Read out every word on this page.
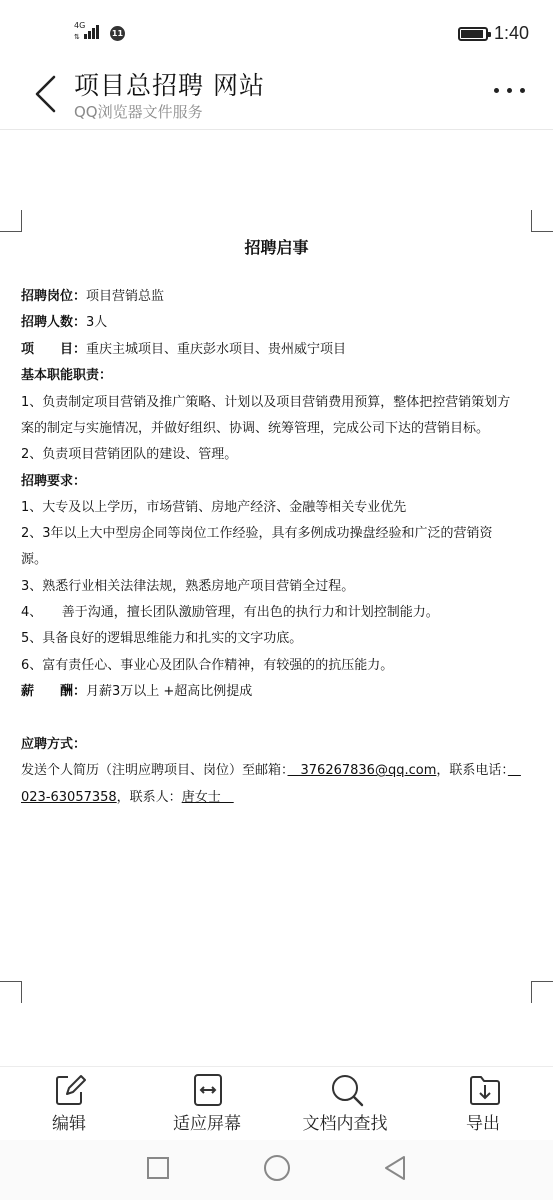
4G
⇅	11	1:40
项目总招聘 网站
QQ浏览器文件服务
招聘启事
招聘岗位：项目营销总监
招聘人数：3人
项　　目：重庆主城项目、重庆彭水项目、贵州威宁项目
基本职能职责：
1、负责制定项目营销及推广策略、计划以及项目营销费用预算，整体把控营销策划方
案的制定与实施情况，并做好组织、协调、统筹管理，完成公司下达的营销目标。
2、负责项目营销团队的建设、管理。
招聘要求：
1、大专及以上学历，市场营销、房地产经济、金融等相关专业优先
2、3年以上大中型房企同等岗位工作经验，具有多例成功操盘经验和广泛的营销资
源。
3、熟悉行业相关法律法规，熟悉房地产项目营销全过程。
4、　　善于沟通，擅长团队激励管理，有出色的执行力和计划控制能力。
5、具备良好的逻辑思维能力和扎实的文字功底。
6、富有责任心、事业心及团队合作精神，有较强的的抗压能力。
薪　　酬：月薪3万以上 +超高比例提成
应聘方式：
发送个人简历（注明应聘项目、岗位）至邮箱：　376267836@qq.com，联系电话：　
023-63057358，联系人：唐女士　
编辑	适应屏幕	文档内查找	导出
